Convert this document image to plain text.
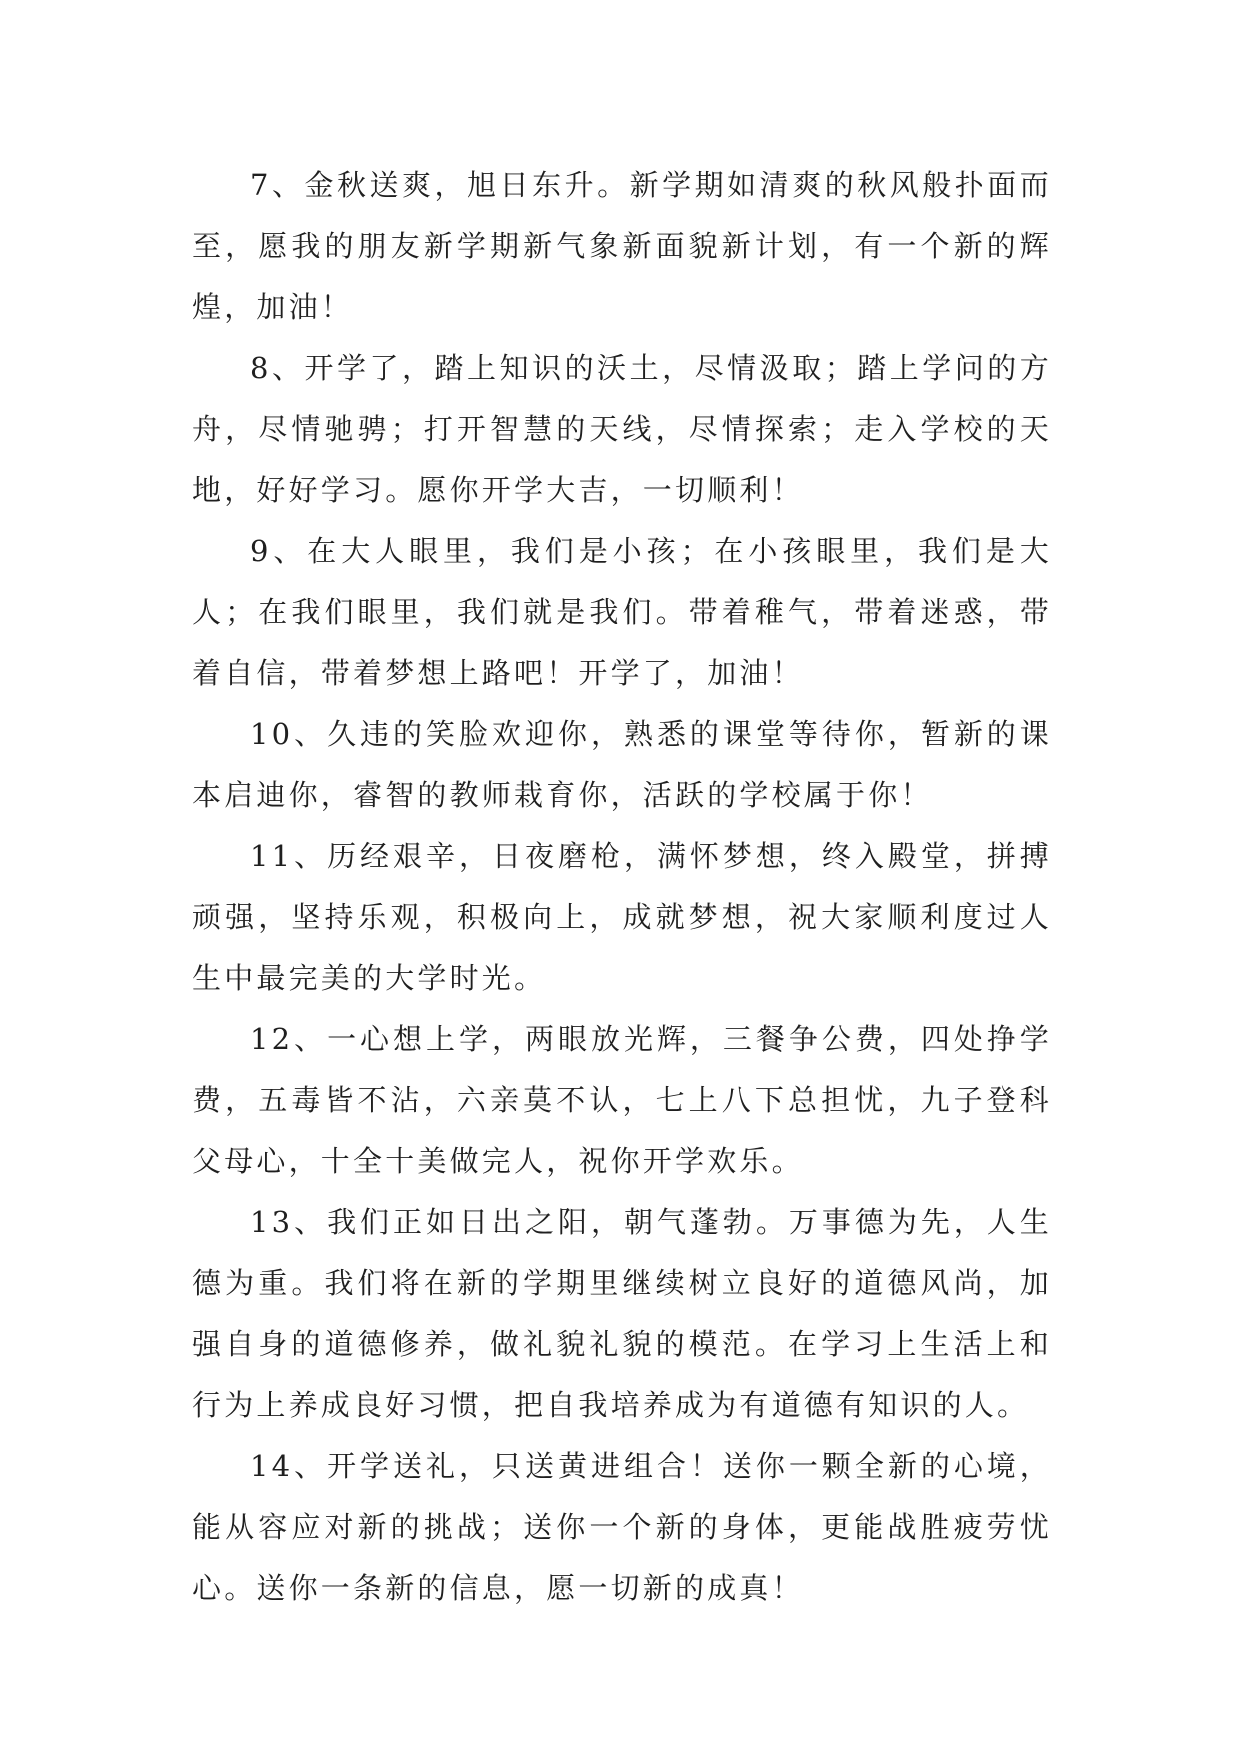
7、金秋送爽，旭日东升。新学期如清爽的秋风般扑面而至，愿我的朋友新学期新气象新面貌新计划，有一个新的辉煌，加油！

8、开学了，踏上知识的沃土，尽情汲取；踏上学问的方舟，尽情驰骋；打开智慧的天线，尽情探索；走入学校的天地，好好学习。愿你开学大吉，一切顺利！

9、在大人眼里，我们是小孩；在小孩眼里，我们是大人；在我们眼里，我们就是我们。带着稚气，带着迷惑，带着自信，带着梦想上路吧！开学了，加油！

10、久违的笑脸欢迎你，熟悉的课堂等待你，暂新的课本启迪你，睿智的教师栽育你，活跃的学校属于你！

11、历经艰辛，日夜磨枪，满怀梦想，终入殿堂，拼搏顽强，坚持乐观，积极向上，成就梦想，祝大家顺利度过人生中最完美的大学时光。

12、一心想上学，两眼放光辉，三餐争公费，四处挣学费，五毒皆不沾，六亲莫不认，七上八下总担忧，九子登科父母心，十全十美做完人，祝你开学欢乐。

13、我们正如日出之阳，朝气蓬勃。万事德为先，人生德为重。我们将在新的学期里继续树立良好的道德风尚，加强自身的道德修养，做礼貌礼貌的模范。在学习上生活上和行为上养成良好习惯，把自我培养成为有道德有知识的人。

14、开学送礼，只送黄进组合！送你一颗全新的心境，能从容应对新的挑战；送你一个新的身体，更能战胜疲劳忧心。送你一条新的信息，愿一切新的成真！
